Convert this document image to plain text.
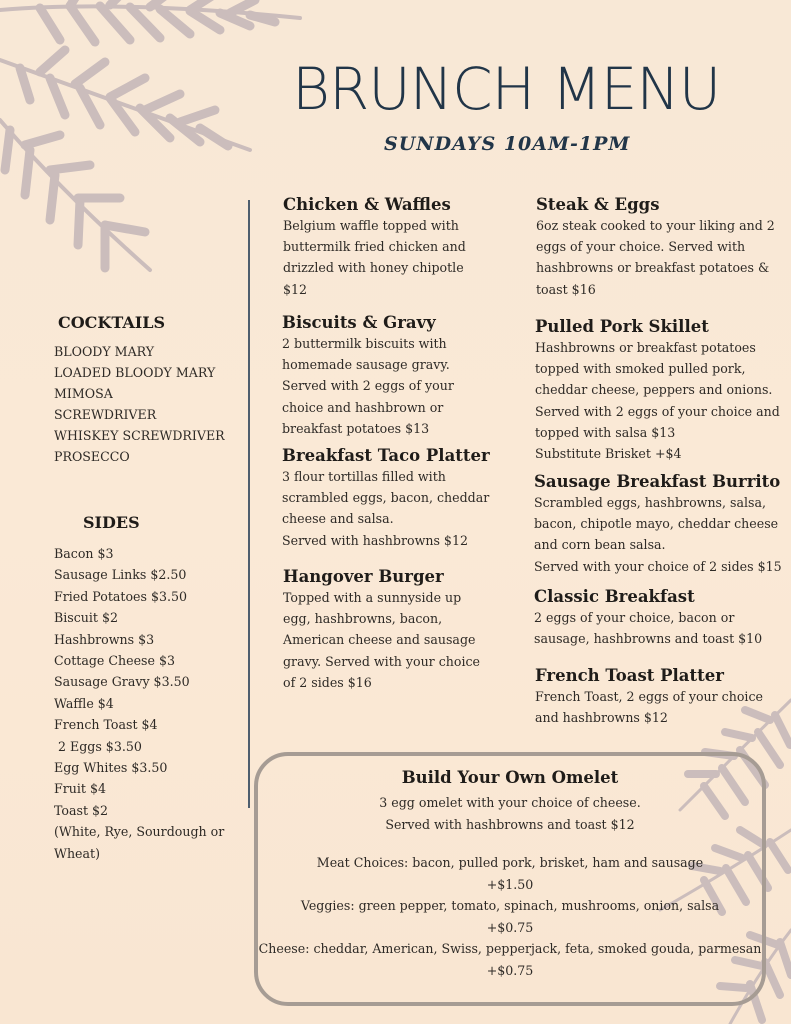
BRUNCH MENU
SUNDAYS 10AM-1PM
COCKTAILS
BLOODY MARY
LOADED BLOODY MARY
MIMOSA
SCREWDRIVER
WHISKEY SCREWDRIVER
PROSECCO
SIDES
Bacon $3
Sausage Links $2.50
Fried Potatoes $3.50
Biscuit $2
Hashbrowns $3
Cottage Cheese $3
Sausage Gravy $3.50
Waffle $4
French Toast $4
2 Eggs $3.50
Egg Whites $3.50
Fruit $4
Toast $2
(White, Rye, Sourdough or
Wheat)
Chicken & Waffles
Belgium waffle topped with
buttermilk fried chicken and
drizzled with honey chipotle
$12
Biscuits & Gravy
2 buttermilk biscuits with
homemade sausage gravy.
Served with 2 eggs of your
choice and hashbrown or
breakfast potatoes $13
Breakfast Taco Platter
3 flour tortillas filled with
scrambled eggs, bacon, cheddar
cheese and salsa.
Served with hashbrowns $12
Hangover Burger
Topped with a sunnyside up
egg, hashbrowns, bacon,
American cheese and sausage
gravy. Served with your choice
of 2 sides $16
Steak & Eggs
6oz steak cooked to your liking and 2
eggs of your choice. Served with
hashbrowns or breakfast potatoes &
toast $16
Pulled Pork Skillet
Hashbrowns or breakfast potatoes
topped with smoked pulled pork,
cheddar cheese, peppers and onions.
Served with 2 eggs of your choice and
topped with salsa $13
Substitute Brisket +$4
Sausage Breakfast Burrito
Scrambled eggs, hashbrowns, salsa,
bacon, chipotle mayo, cheddar cheese
and corn bean salsa.
Served with your choice of 2 sides $15
Classic Breakfast
2 eggs of your choice, bacon or
sausage, hashbrowns and toast $10
French Toast Platter
French Toast, 2 eggs of your choice
and hashbrowns $12
Build Your Own Omelet
3 egg omelet with your choice of cheese.
Served with hashbrowns and toast $12
Meat Choices: bacon, pulled pork, brisket, ham and sausage
+$1.50
Veggies: green pepper, tomato, spinach, mushrooms, onion, salsa
+$0.75
Cheese: cheddar, American, Swiss, pepperjack, feta, smoked gouda, parmesan
+$0.75
